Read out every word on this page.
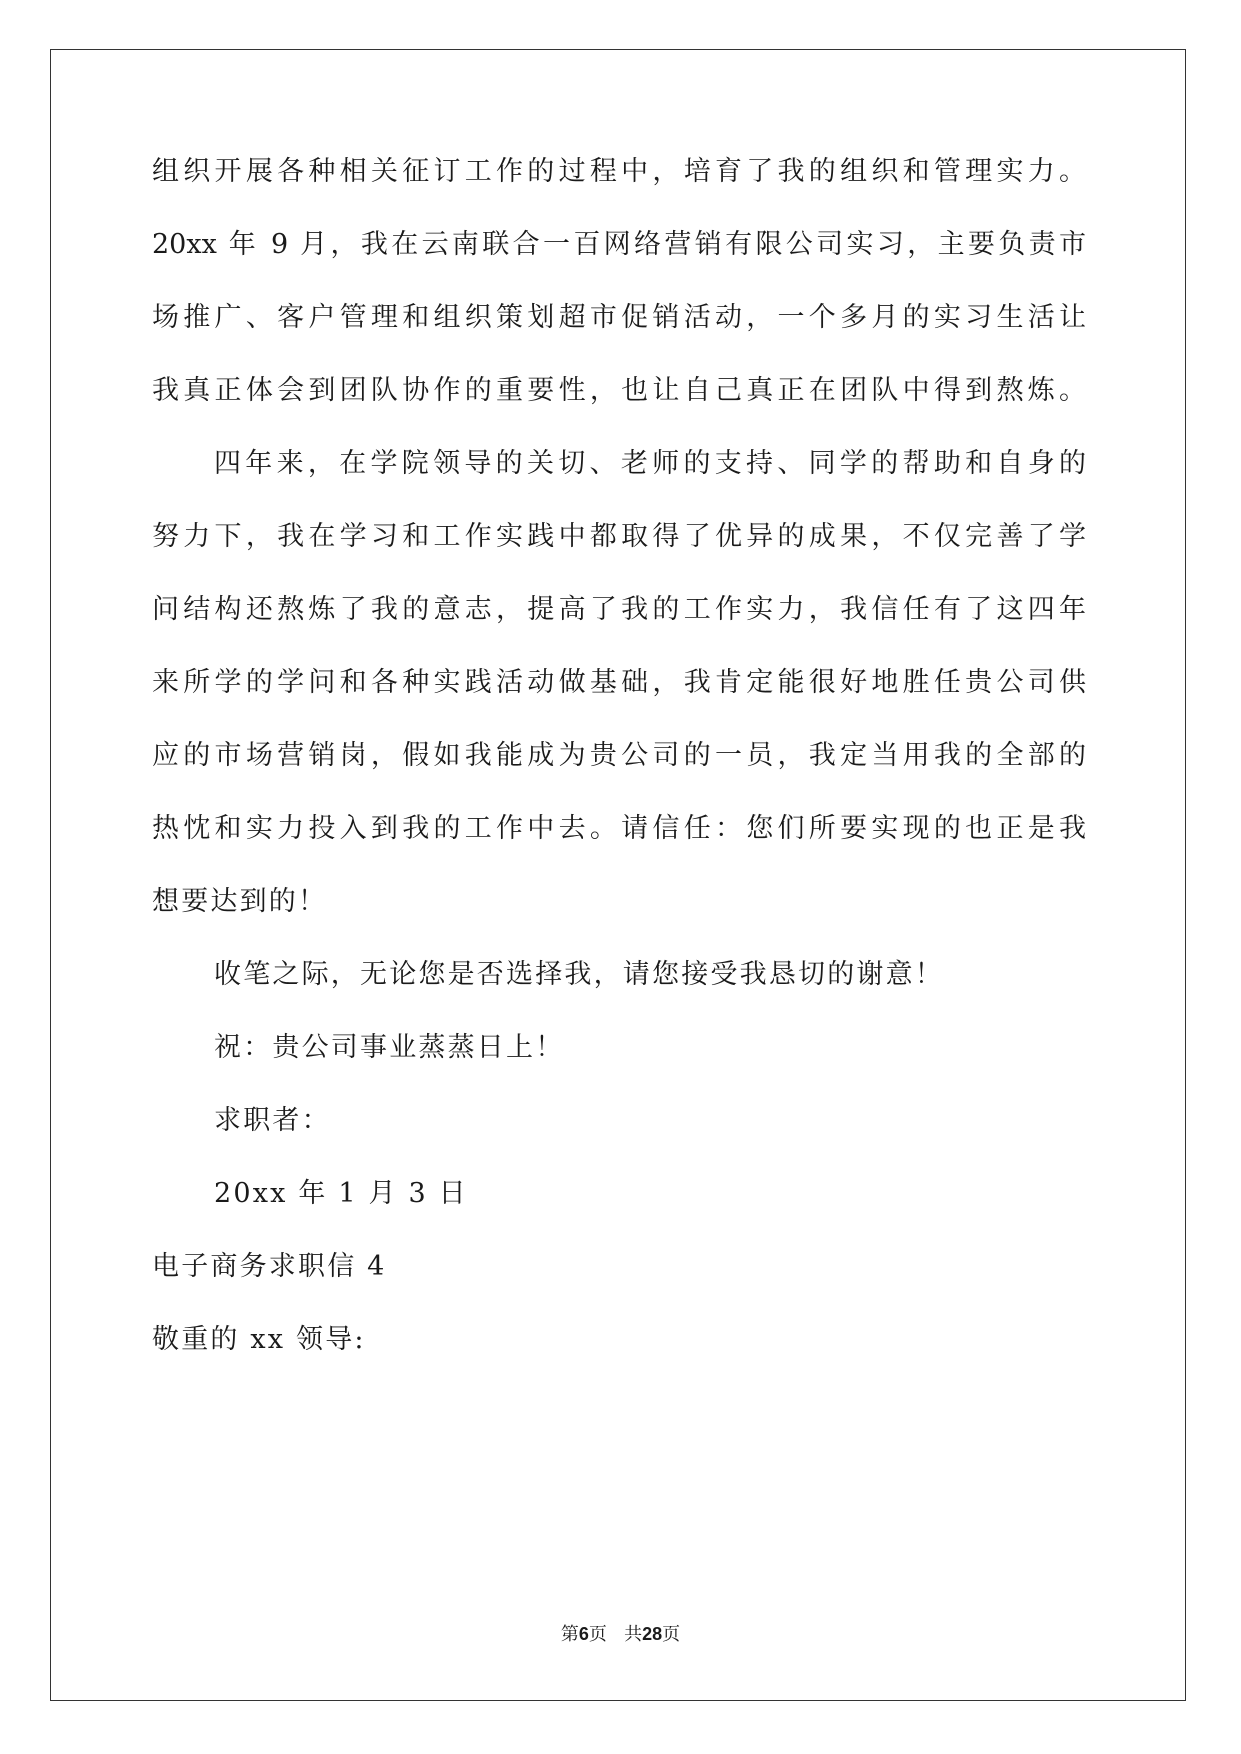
组织开展各种相关征订工作的过程中，培育了我的组织和管理实力。
20xx 年 9 月，我在云南联合一百网络营销有限公司实习，主要负责市
场推广、客户管理和组织策划超市促销活动，一个多月的实习生活让
我真正体会到团队协作的重要性，也让自己真正在团队中得到熬炼。
四年来，在学院领导的关切、老师的支持、同学的帮助和自身的
努力下，我在学习和工作实践中都取得了优异的成果，不仅完善了学
问结构还熬炼了我的意志，提高了我的工作实力，我信任有了这四年
来所学的学问和各种实践活动做基础，我肯定能很好地胜任贵公司供
应的市场营销岗，假如我能成为贵公司的一员，我定当用我的全部的
热忱和实力投入到我的工作中去。请信任：您们所要实现的也正是我
想要达到的！
收笔之际，无论您是否选择我，请您接受我恳切的谢意！
祝：贵公司事业蒸蒸日上！
求职者：
20xx 年 1 月 3 日
电子商务求职信 4
敬重的 xx 领导:
第6页 共28页
